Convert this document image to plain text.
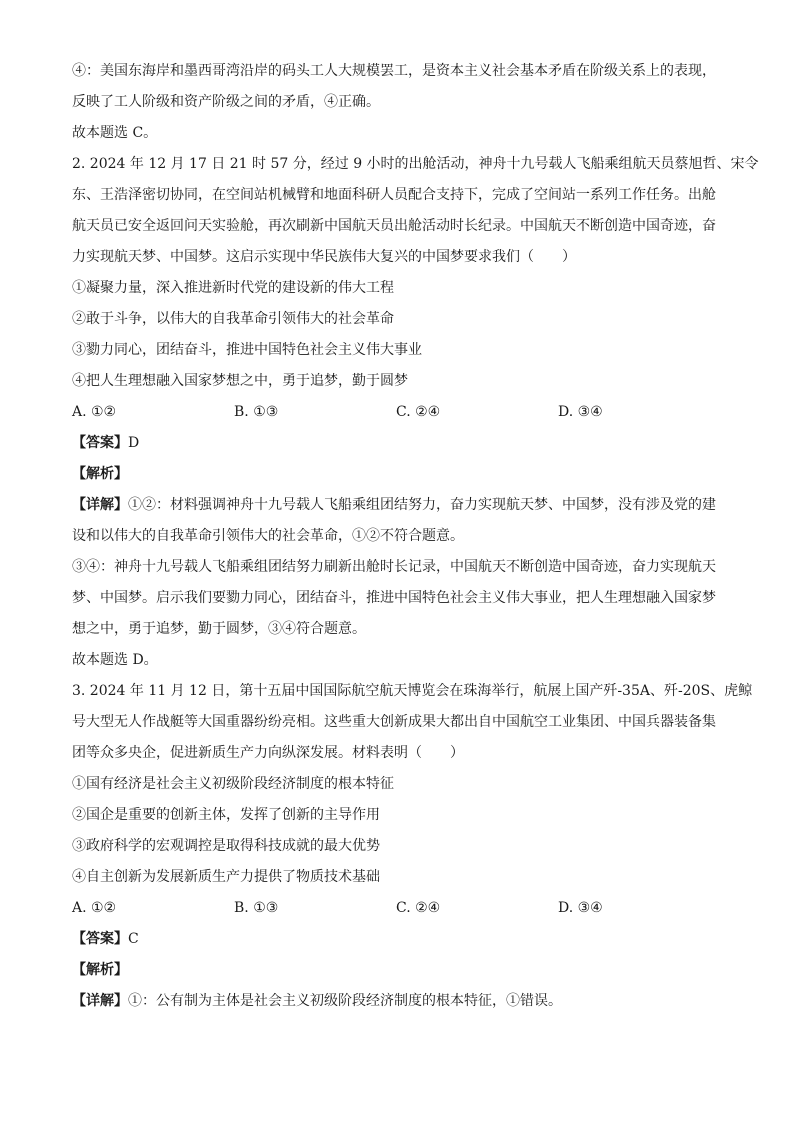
④：美国东海岸和墨西哥湾沿岸的码头工人大规模罢工，是资本主义社会基本矛盾在阶级关系上的表现，

反映了工人阶级和资产阶级之间的矛盾，④正确。

故本题选 C。

2. 2024 年 12 月 17 日 21 时 57 分，经过 9 小时的出舱活动，神舟十九号载人飞船乘组航天员蔡旭哲、宋令

东、王浩泽密切协同，在空间站机械臂和地面科研人员配合支持下，完成了空间站一系列工作任务。出舱

航天员已安全返回问天实验舱，再次刷新中国航天员出舱活动时长纪录。中国航天不断创造中国奇迹，奋

力实现航天梦、中国梦。这启示实现中华民族伟大复兴的中国梦要求我们（　　）

①凝聚力量，深入推进新时代党的建设新的伟大工程

②敢于斗争，以伟大的自我革命引领伟大的社会革命

③勠力同心，团结奋斗，推进中国特色社会主义伟大事业

④把人生理想融入国家梦想之中，勇于追梦，勤于圆梦

A. ①②	B. ①③	C. ②④	D. ③④

【答案】D

【解析】

【详解】①②：材料强调神舟十九号载人飞船乘组团结努力，奋力实现航天梦、中国梦，没有涉及党的建

设和以伟大的自我革命引领伟大的社会革命，①②不符合题意。

③④：神舟十九号载人飞船乘组团结努力刷新出舱时长记录，中国航天不断创造中国奇迹，奋力实现航天

梦、中国梦。启示我们要勠力同心，团结奋斗，推进中国特色社会主义伟大事业，把人生理想融入国家梦

想之中，勇于追梦，勤于圆梦，③④符合题意。

故本题选 D。

3. 2024 年 11 月 12 日，第十五届中国国际航空航天博览会在珠海举行，航展上国产歼-35A、歼-20S、虎鲸

号大型无人作战艇等大国重器纷纷亮相。这些重大创新成果大都出自中国航空工业集团、中国兵器装备集

团等众多央企，促进新质生产力向纵深发展。材料表明（　　）

①国有经济是社会主义初级阶段经济制度的根本特征

②国企是重要的创新主体，发挥了创新的主导作用

③政府科学的宏观调控是取得科技成就的最大优势

④自主创新为发展新质生产力提供了物质技术基础

A. ①②	B. ①③	C. ②④	D. ③④

【答案】C

【解析】

【详解】①：公有制为主体是社会主义初级阶段经济制度的根本特征，①错误。
